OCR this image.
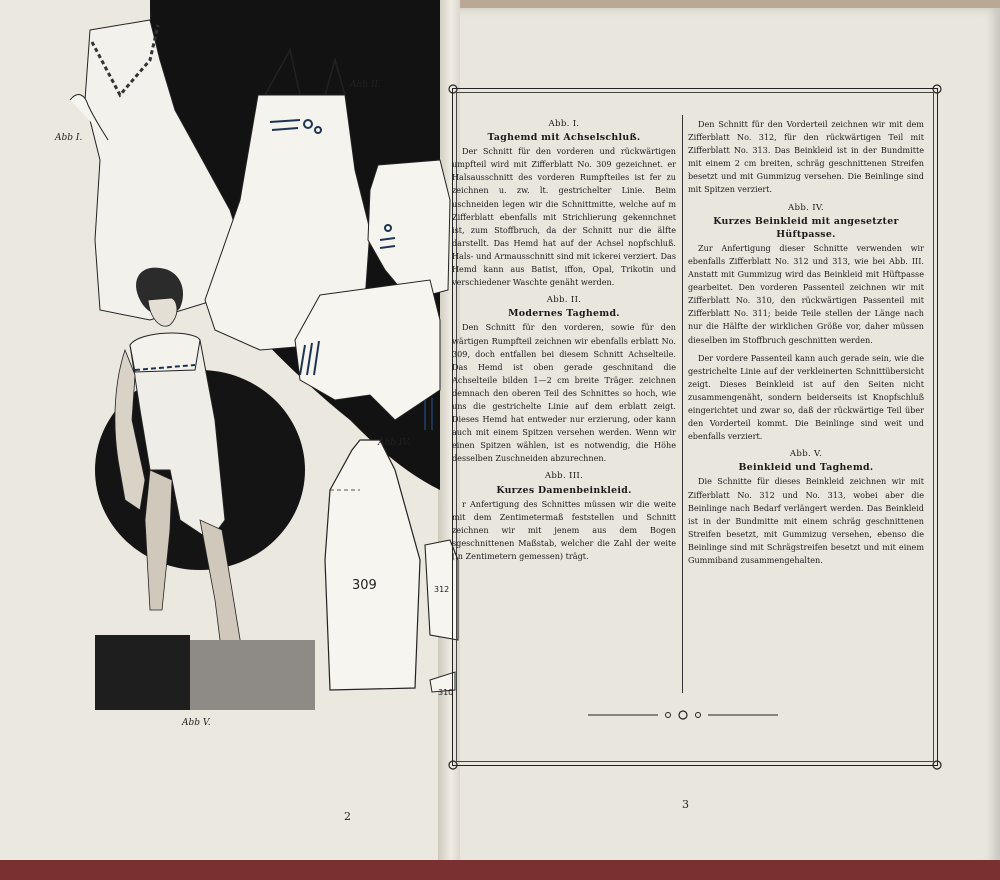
Abb I.
Abb II.
Abb IV.
Abb V.
309	312
310
2

Abb. I.

Taghemd mit Achselschluß.

Der Schnitt für den vorderen und rückwärtigen umpfteil wird mit Zifferblatt No. 309 gezeichnet. er Halsausschnitt des vorderen Rumpfteiles ist fer zu zeichnen u. zw. lt. gestrichelter Linie. Beim uschneiden legen wir die Schnittmitte, welche auf m Zifferblatt ebenfalls mit Strichlierung gekennchnet ist, zum Stoffbruch, da der Schnitt nur die älfte darstellt. Das Hemd hat auf der Achsel nopfschluß. Hals- und Armausschnitt sind mit ickerei verziert. Das Hemd kann aus Batist, iffon, Opal, Trikotin und verschiedener Waschte genäht werden.

Abb. II.

Modernes Taghemd.

Den Schnitt für den vorderen, sowie für den wärtigen Rumpfteil zeichnen wir ebenfalls erblatt No. 309, doch entfallen bei diesem Schnitt Achselteile. Das Hemd ist oben gerade geschnitand die Achselteile bilden 1—2 cm breite Träger. zeichnen demnach den oberen Teil des Schnittes so hoch, wie uns die gestrichelte Linie auf dem erblatt zeigt. Dieses Hemd hat entweder nur erzierung, oder kann auch mit einem Spitzen versehen werden. Wenn wir einen Spitzen wählen, ist es notwendig, die Höhe desselben Zuschneiden abzurechnen.

Abb. III.

Kurzes Damenbeinkleid.

r Anfertigung des Schnittes müssen wir die weite mit dem Zentimetermaß feststellen und Schnitt zeichnen wir mit jenem aus dem Bogen sgeschnittenen Maßstab, welcher die Zahl der weite (in Zentimetern gemessen) trägt.

Den Schnitt für den Vorderteil zeichnen wir mit dem Zifferblatt No. 312, für den rückwärtigen Teil mit Zifferblatt No. 313. Das Beinkleid ist in der Bundmitte mit einem 2 cm breiten, schräg geschnittenen Streifen besetzt und mit Gummizug versehen. Die Beinlinge sind mit Spitzen verziert.

Abb. IV.

Kurzes Beinkleid mit angesetzter Hüftpasse.

Zur Anfertigung dieser Schnitte verwenden wir ebenfalls Zifferblatt No. 312 und 313, wie bei Abb. III. Anstatt mit Gummizug wird das Beinkleid mit Hüftpasse gearbeitet. Den vorderen Passenteil zeichnen wir mit Zifferblatt No. 310, den rückwärtigen Passenteil mit Zifferblatt No. 311; beide Teile stellen der Länge nach nur die Hälfte der wirklichen Größe vor, daher müssen dieselben im Stoffbruch geschnitten werden.

Der vordere Passenteil kann auch gerade sein, wie die gestrichelte Linie auf der verkleinerten Schnittübersicht zeigt. Dieses Beinkleid ist auf den Seiten nicht zusammengenäht, sondern beiderseits ist Knopfschluß eingerichtet und zwar so, daß der rückwärtige Teil über den Vorderteil kommt. Die Beinlinge sind weit und ebenfalls verziert.

Abb. V.

Beinkleid und Taghemd.

Die Schnitte für dieses Beinkleid zeichnen wir mit Zifferblatt No. 312 und No. 313, wobei aber die Beinlinge nach Bedarf verlängert werden. Das Beinkleid ist in der Bundmitte mit einem schräg geschnittenen Streifen besetzt, mit Gummizug versehen, ebenso die Beinlinge sind mit Schrägstreifen besetzt und mit einem Gummiband zusammengehalten.

3
